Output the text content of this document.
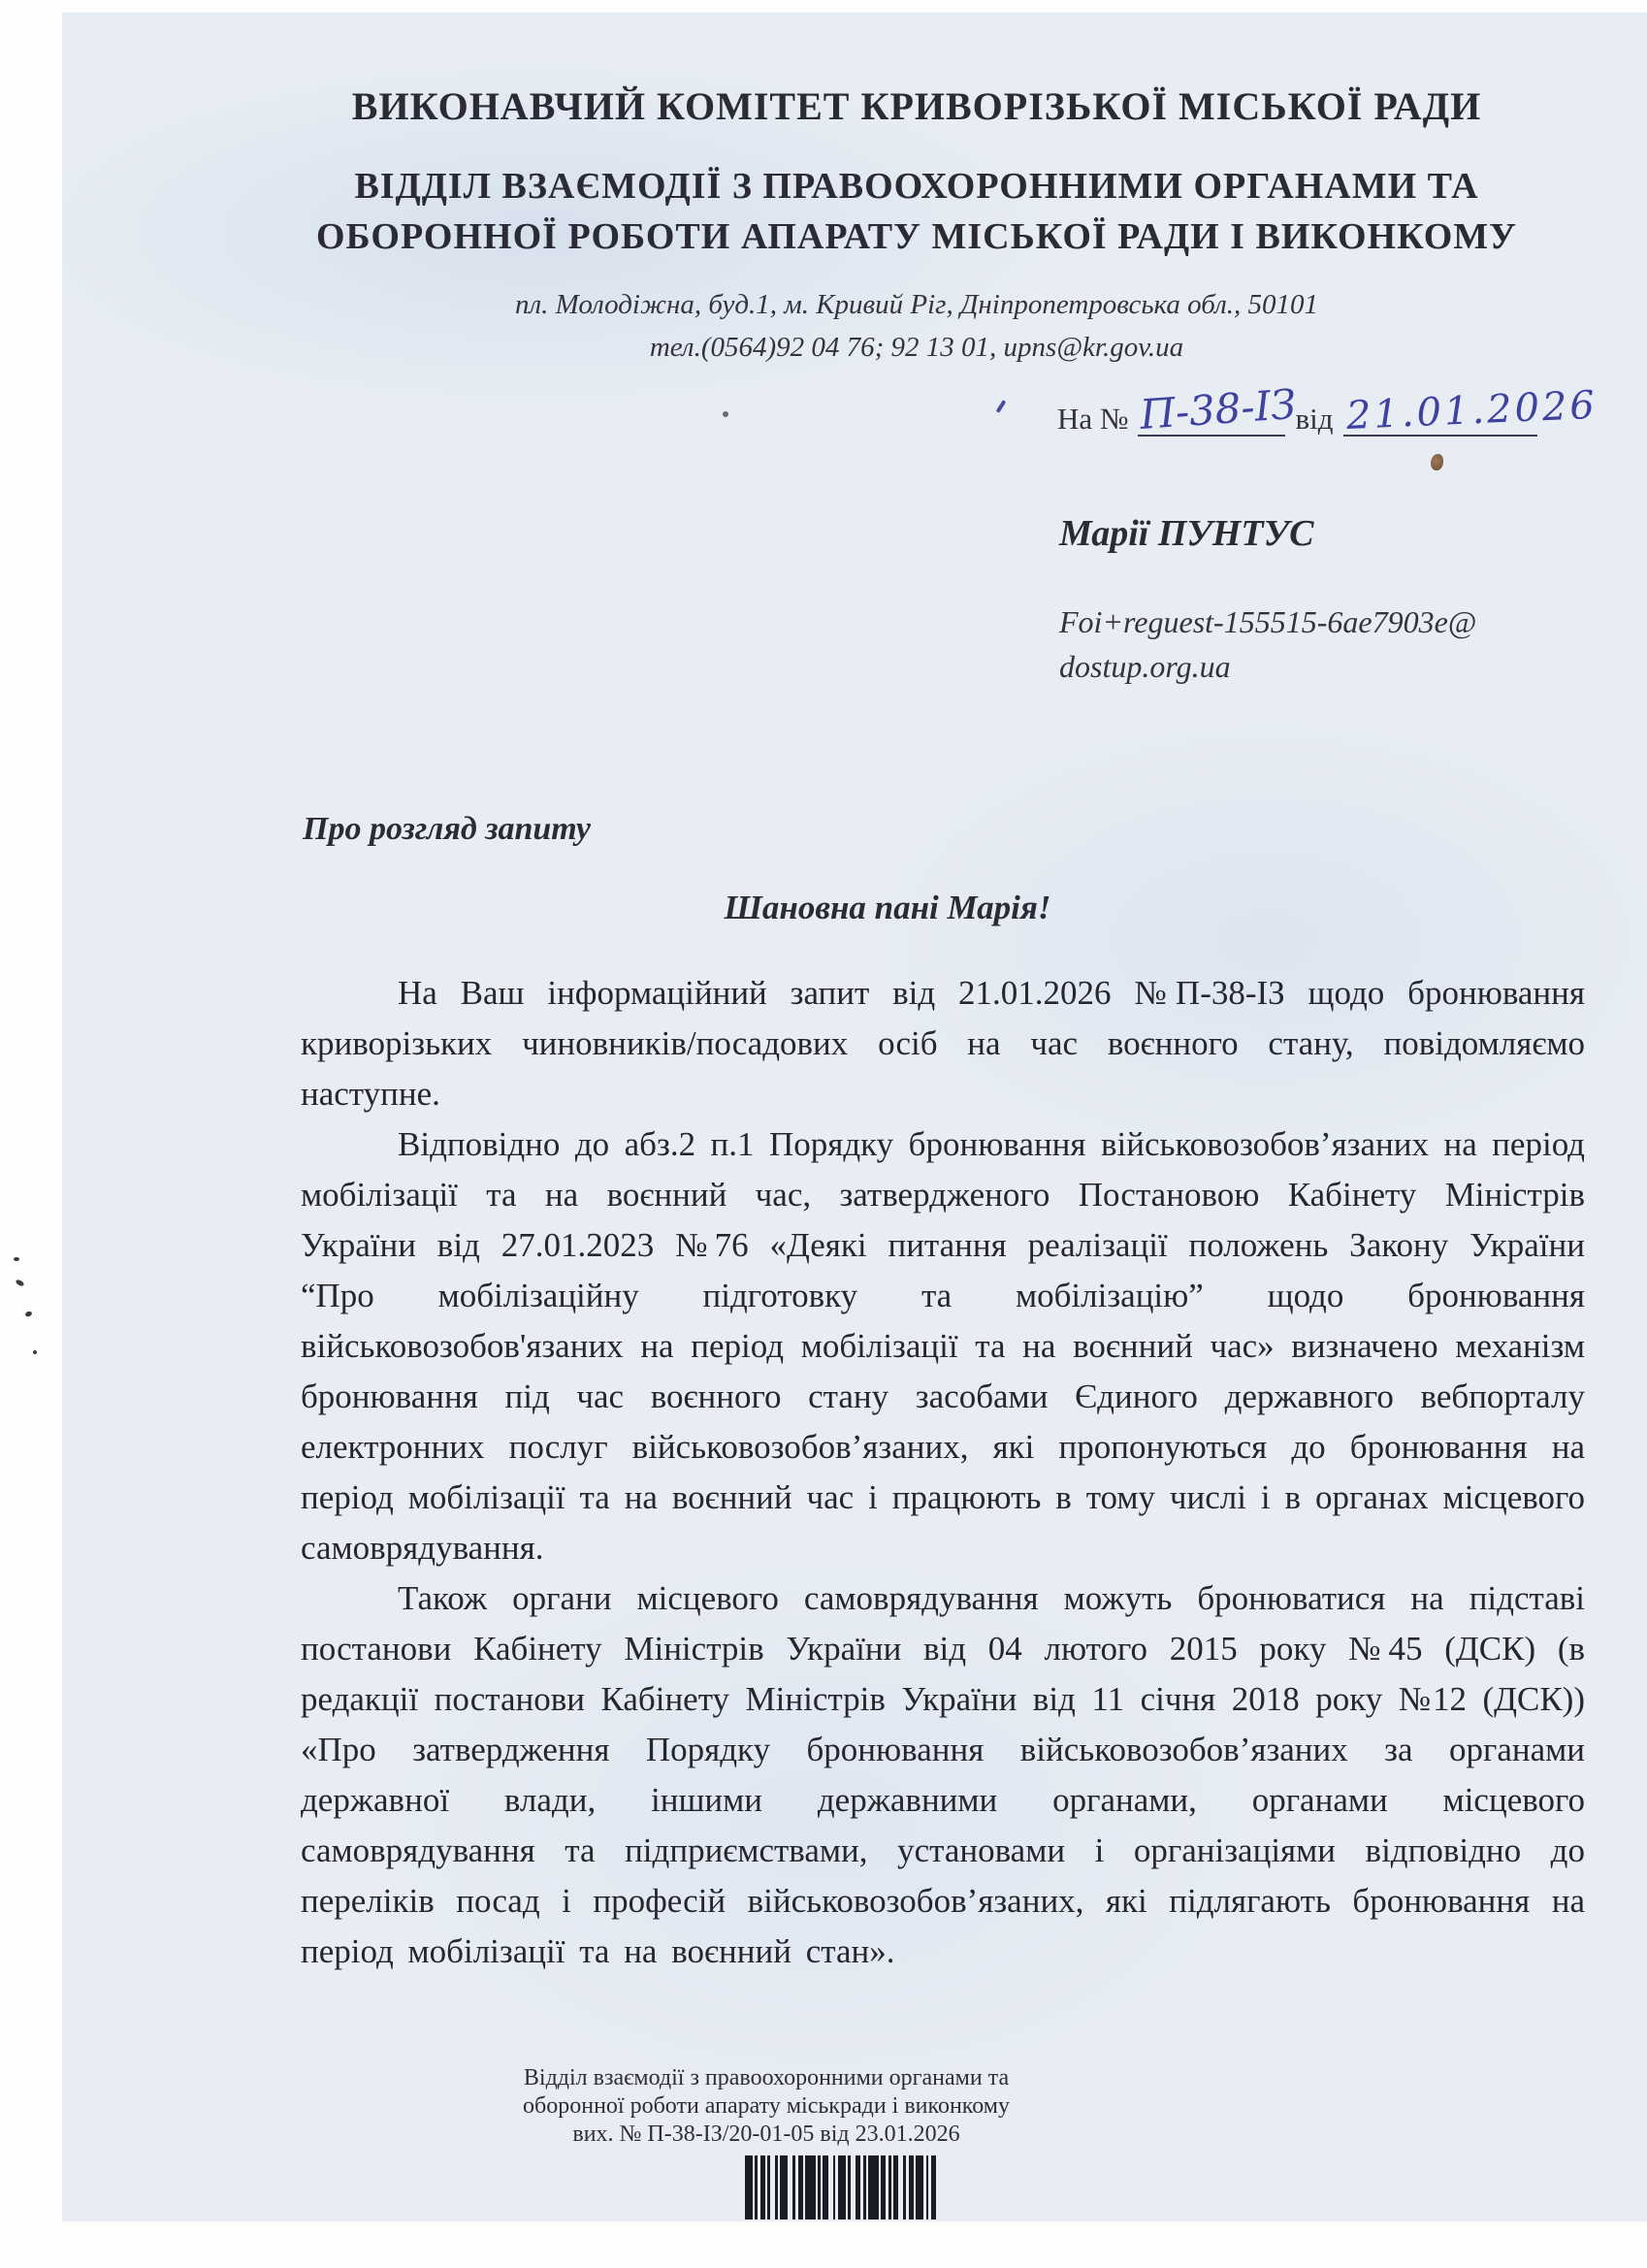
ВИКОНАВЧИЙ КОМІТЕТ КРИВОРІЗЬКОЇ МІСЬКОЇ РАДИ
ВІДДІЛ ВЗАЄМОДІЇ З ПРАВООХОРОННИМИ ОРГАНАМИ ТА
ОБОРОННОЇ РОБОТИ АПАРАТУ МІСЬКОЇ РАДИ І ВИКОНКОМУ
пл. Молодіжна, буд.1, м. Кривий Ріг, Дніпропетровська обл., 50101
тел.(0564)92 04 76; 92 13 01, upns@kr.gov.ua
На № П-38-ІЗ
від 21.01.2026
Марії ПУНТУС
Foi+reguest-155515-6ae7903e@
dostup.org.ua
Про розгляд запиту
Шановна пані Марія!

На Ваш інформаційний запит від 21.01.2026 №П-38-ІЗ щодо бронювання криворізьких чиновників/посадових осіб на час воєнного стану, повідомляємо наступне.

Відповідно до абз.2 п.1 Порядку бронювання військовозобов’язаних на період мобілізації та на воєнний час, затвердженого Постановою Кабінету Міністрів України від 27.01.2023 №76 «Деякі питання реалізації положень Закону України “Про мобілізаційну підготовку та мобілізацію” щодо бронювання військовозобов'язаних на період мобілізації та на воєнний час» визначено механізм бронювання під час воєнного стану засобами Єдиного державного вебпорталу електронних послуг військовозобов’язаних, які пропонуються до бронювання на період мобілізації та на воєнний час і працюють в тому числі і в органах місцевого самоврядування.

Також органи місцевого самоврядування можуть бронюватися на підставі постанови Кабінету Міністрів України від 04 лютого 2015 року №45 (ДСК) (в редакції постанови Кабінету Міністрів України від 11 січня 2018 року №12 (ДСК)) «Про затвердження Порядку бронювання військовозобов’язаних за органами державної влади, іншими державними органами, органами місцевого самоврядування та підприємствами, установами і організаціями відповідно до переліків посад і професій військовозобов’язаних, які підлягають бронювання на період мобілізації та на воєнний стан».

Відділ взаємодії з правоохоронними органами та
оборонної роботи апарату міськради і виконкому
вих. № П-38-ІЗ/20-01-05 від 23.01.2026
